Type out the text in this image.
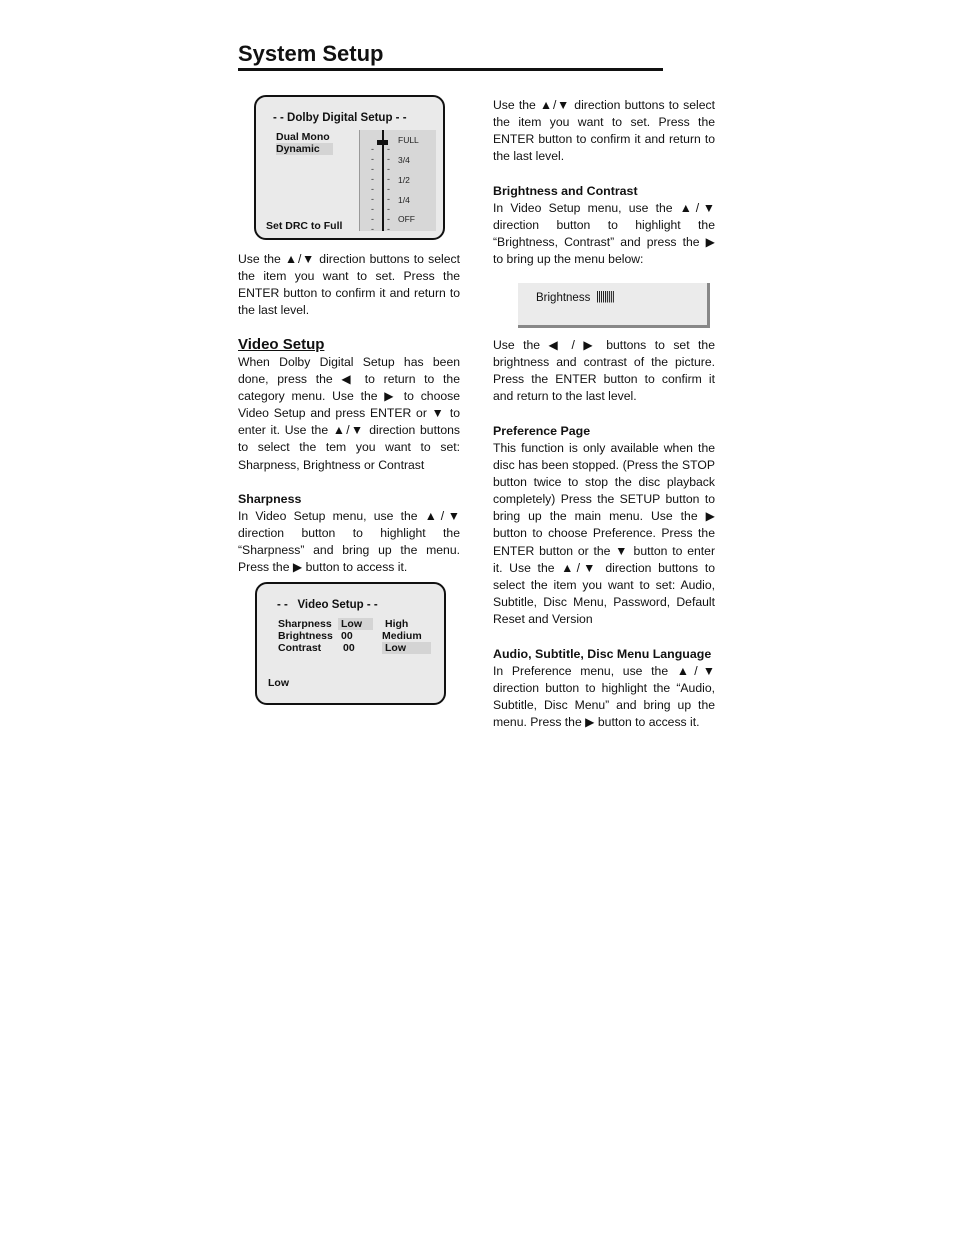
System Setup
- - Dolby Digital Setup - -
Dual Mono
Dynamic	-
-
-
-
-
-
-
-
-
-
-
-
-
-
-
-
-
-
FULL
3/4
1/2
1/4
OFF
Set DRC to Full

Use the ▲/▼ direction buttons to select the item you want to set. Press the ENTER button to confirm it and return to the last level.

Video Setup

When Dolby Digital Setup has been done, press the ◀ to return to the category menu. Use the ▶ to choose Video Setup and press ENTER or ▼ to enter it. Use the ▲/▼ direction buttons to select the tem you want to set: Sharpness, Brightness or Contrast

Sharpness

In Video Setup menu, use the ▲/▼ direction button to highlight the “Sharpness” and bring up the menu. Press the ▶ button to access it.

- -   Video Setup - -
Sharpness Low	High
Brightness 00	Medium
Contrast 00	Low
Low

Use the ▲/▼ direction buttons to select the item you want to set. Press the ENTER button to confirm it and return to the last level.

Brightness and Contrast

In Video Setup menu, use the ▲/▼ direction button to highlight the “Brightness, Contrast” and press the ▶ to bring up the menu below:

Brightness |||||||||

Use the ◀ / ▶ buttons to set the brightness and contrast of the picture. Press the ENTER button to confirm it and return to the last level.

Preference Page

This function is only available when the disc has been stopped. (Press the STOP button twice to stop the disc playback completely) Press the SETUP button to bring up the main menu. Use the ▶ button to choose Preference. Press the ENTER button or the ▼ button to enter it. Use the ▲/▼ direction buttons to select the item you want to set: Audio, Subtitle, Disc Menu, Password, Default Reset and Version

Audio, Subtitle, Disc Menu Language

In Preference menu, use the ▲/▼ direction button to highlight the “Audio, Subtitle, Disc Menu” and bring up the menu. Press the ▶ button to access it.
